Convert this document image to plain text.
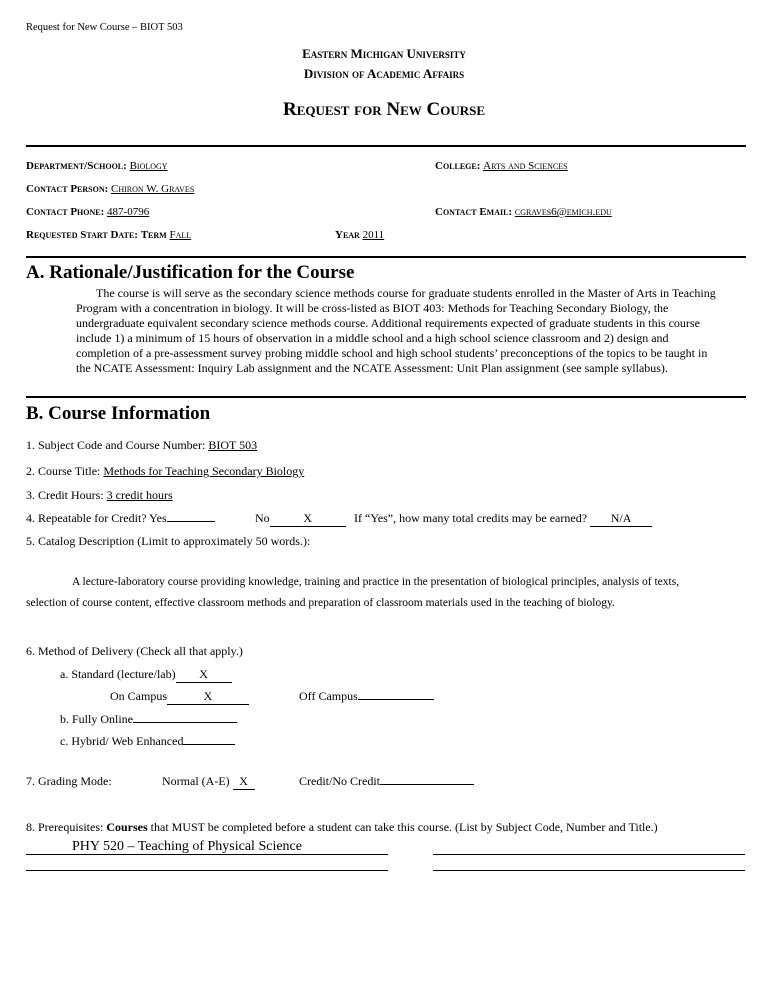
Request for New Course – BIOT 503
Eastern Michigan University
Division of Academic Affairs
Request for New Course
Department/School: Biology	College: Arts and Sciences
Contact Person: Chiron W. Graves
Contact Phone: 487-0796	Contact Email: cgraves6@emich.edu
Requested Start Date: Term Fall	Year 2011
A. Rationale/Justification for the Course
The course is will serve as the secondary science methods course for graduate students enrolled in the Master of Arts in Teaching
Program with a concentration in biology. It will be cross-listed as BIOT 403: Methods for Teaching Secondary Biology, the
undergraduate equivalent secondary science methods course. Additional requirements expected of graduate students in this course
include 1) a minimum of 15 hours of observation in a middle school and a high school science classroom and 2) design and
completion of a pre-assessment survey probing middle school and high school students’ preconceptions of the topics to be taught in
the NCATE Assessment: Inquiry Lab assignment and the NCATE Assessment: Unit Plan assignment (see sample syllabus).
B. Course Information
1. Subject Code and Course Number: BIOT 503
2. Course Title: Methods for Teaching Secondary Biology
3. Credit Hours: 3 credit hours
4. Repeatable for Credit? Yes	No	X	If “Yes”, how many total credits may be earned? N/A
5. Catalog Description (Limit to approximately 50 words.):
A lecture-laboratory course providing knowledge, training and practice in the presentation of biological principles, analysis of texts,
selection of course content, effective classroom methods and preparation of classroom materials used in the teaching of biology.
6. Method of Delivery (Check all that apply.)
a. Standard (lecture/lab) X
On Campus	X	Off Campus
b. Fully Online
c. Hybrid/ Web Enhanced
7. Grading Mode:	Normal (A-E) X	Credit/No Credit
8. Prerequisites: Courses that MUST be completed before a student can take this course. (List by Subject Code, Number and Title.)
PHY 520 – Teaching of Physical Science
